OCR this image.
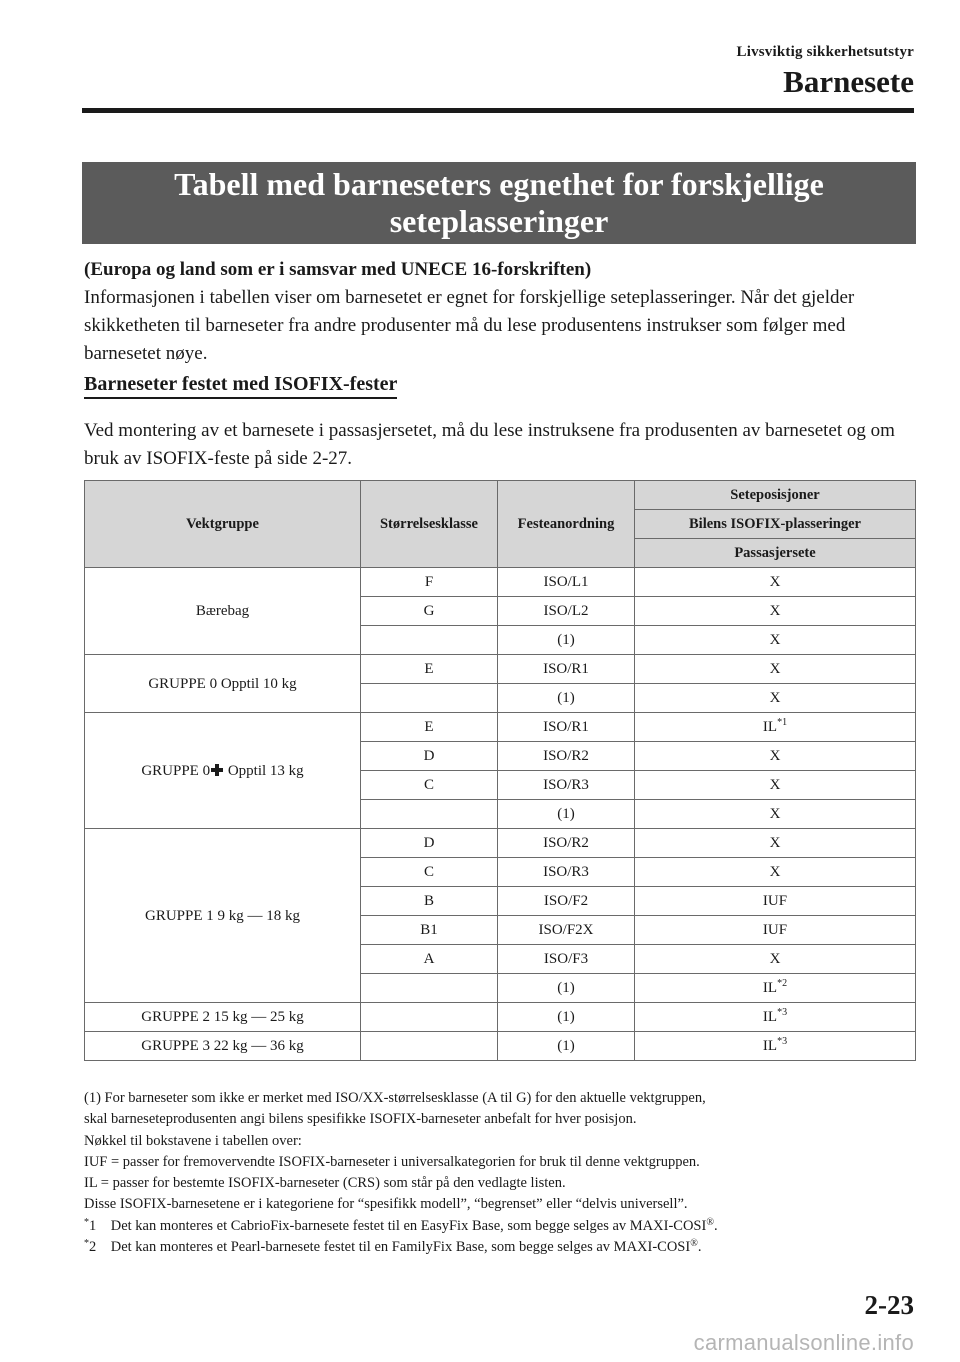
Livsviktig sikkerhetsutstyr
Barnesete
Tabell med barneseters egnethet for forskjellige seteplasseringer
(Europa og land som er i samsvar med UNECE 16-forskriften)
Informasjonen i tabellen viser om barnesetet er egnet for forskjellige seteplasseringer. Når det gjelder skikketheten til barneseter fra andre produsenter må du lese produsentens instrukser som følger med barnesetet nøye.
Barneseter festet med ISOFIX-fester
Ved montering av et barnesete i passasjersetet, må du lese instruksene fra produsenten av barnesetet og om bruk av ISOFIX-feste på side 2-27.
Vektgruppe	Størrelsesklasse	Festeanordning	Seteposisjoner
			Bilens ISOFIX-plasseringer
			Passasjersete
Bærebag	F	ISO/L1	X
	G	ISO/L2	X
		(1)	X
GRUPPE 0 Opptil 10 kg	E	ISO/R1	X
		(1)	X
GRUPPE 0 Opptil 13 kg	E	ISO/R1	IL$^{*1}$
	D	ISO/R2	X
	C	ISO/R3	X
		(1)	X
GRUPPE 1 9 kg — 18 kg	D	ISO/R2	X
	C	ISO/R3	X
	B	ISO/F2	IUF
	B1	ISO/F2X	IUF
	A	ISO/F3	X
		(1)	IL$^{*2}$
GRUPPE 2 15 kg — 25 kg		(1)	IL$^{*3}$
GRUPPE 3 22 kg — 36 kg		(1)	IL$^{*3}$
(1) For barneseter som ikke er merket med ISO/XX-størrelsesklasse (A til G) for den aktuelle vektgruppen,
skal barneseteprodusenten angi bilens spesifikke ISOFIX-barneseter anbefalt for hver posisjon.
Nøkkel til bokstavene i tabellen over:
IUF = passer for fremovervendte ISOFIX-barneseter i universalkategorien for bruk til denne vektgruppen.
IL = passer for bestemte ISOFIX-barneseter (CRS) som står på den vedlagte listen.
Disse ISOFIX-barnesetene er i kategoriene for “spesifikk modell”, “begrenset” eller “delvis universell”.
*1 Det kan monteres et CabrioFix-barnesete festet til en EasyFix Base, som begge selges av MAXI-COSI®.
*2 Det kan monteres et Pearl-barnesete festet til en FamilyFix Base, som begge selges av MAXI-COSI®.
2-23
carmanualsonline.info
